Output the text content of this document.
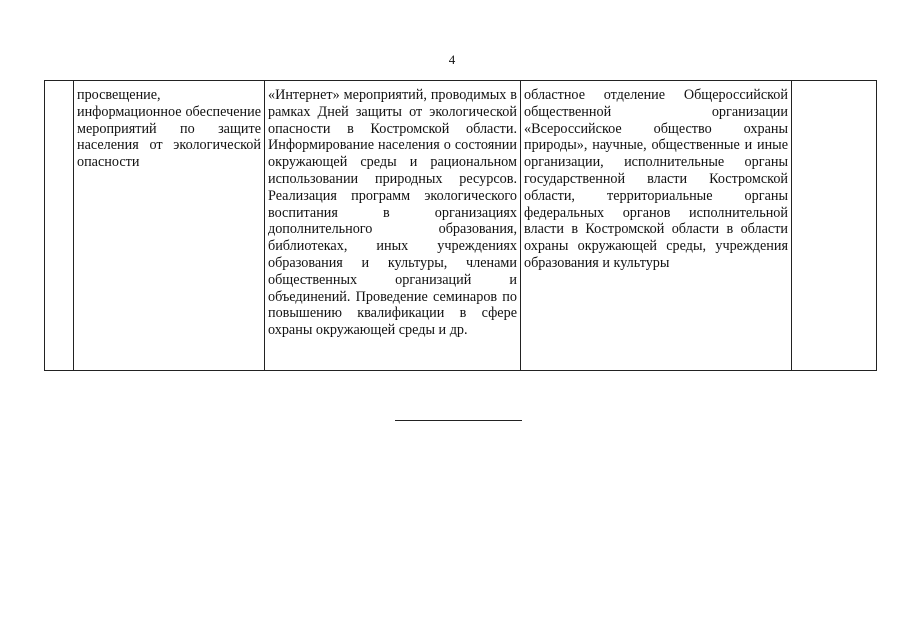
4
	просвещение, информационное обеспечение мероприятий по защите населения от экологической опасности	«Интернет» мероприятий, проводимых в рамках Дней защиты от экологической опасности в Костромской области. Информирование населения о состоянии окружающей среды и рациональном использовании природных ресурсов. Реализация программ экологического воспитания в организациях дополнительного образования, библиотеках, иных учреждениях образования и культуры, членами общественных организаций и объединений. Проведение семинаров по повышению квалификации в сфере охраны окружающей среды и др.	областное отделение Общероссийской общественной организации «Всероссийское общество охраны природы», научные, общественные и иные организации, исполнительные органы государственной власти Костромской области, территориальные органы федеральных органов исполнительной власти в Костромской области в области охраны окружающей среды, учреждения образования и культуры	
